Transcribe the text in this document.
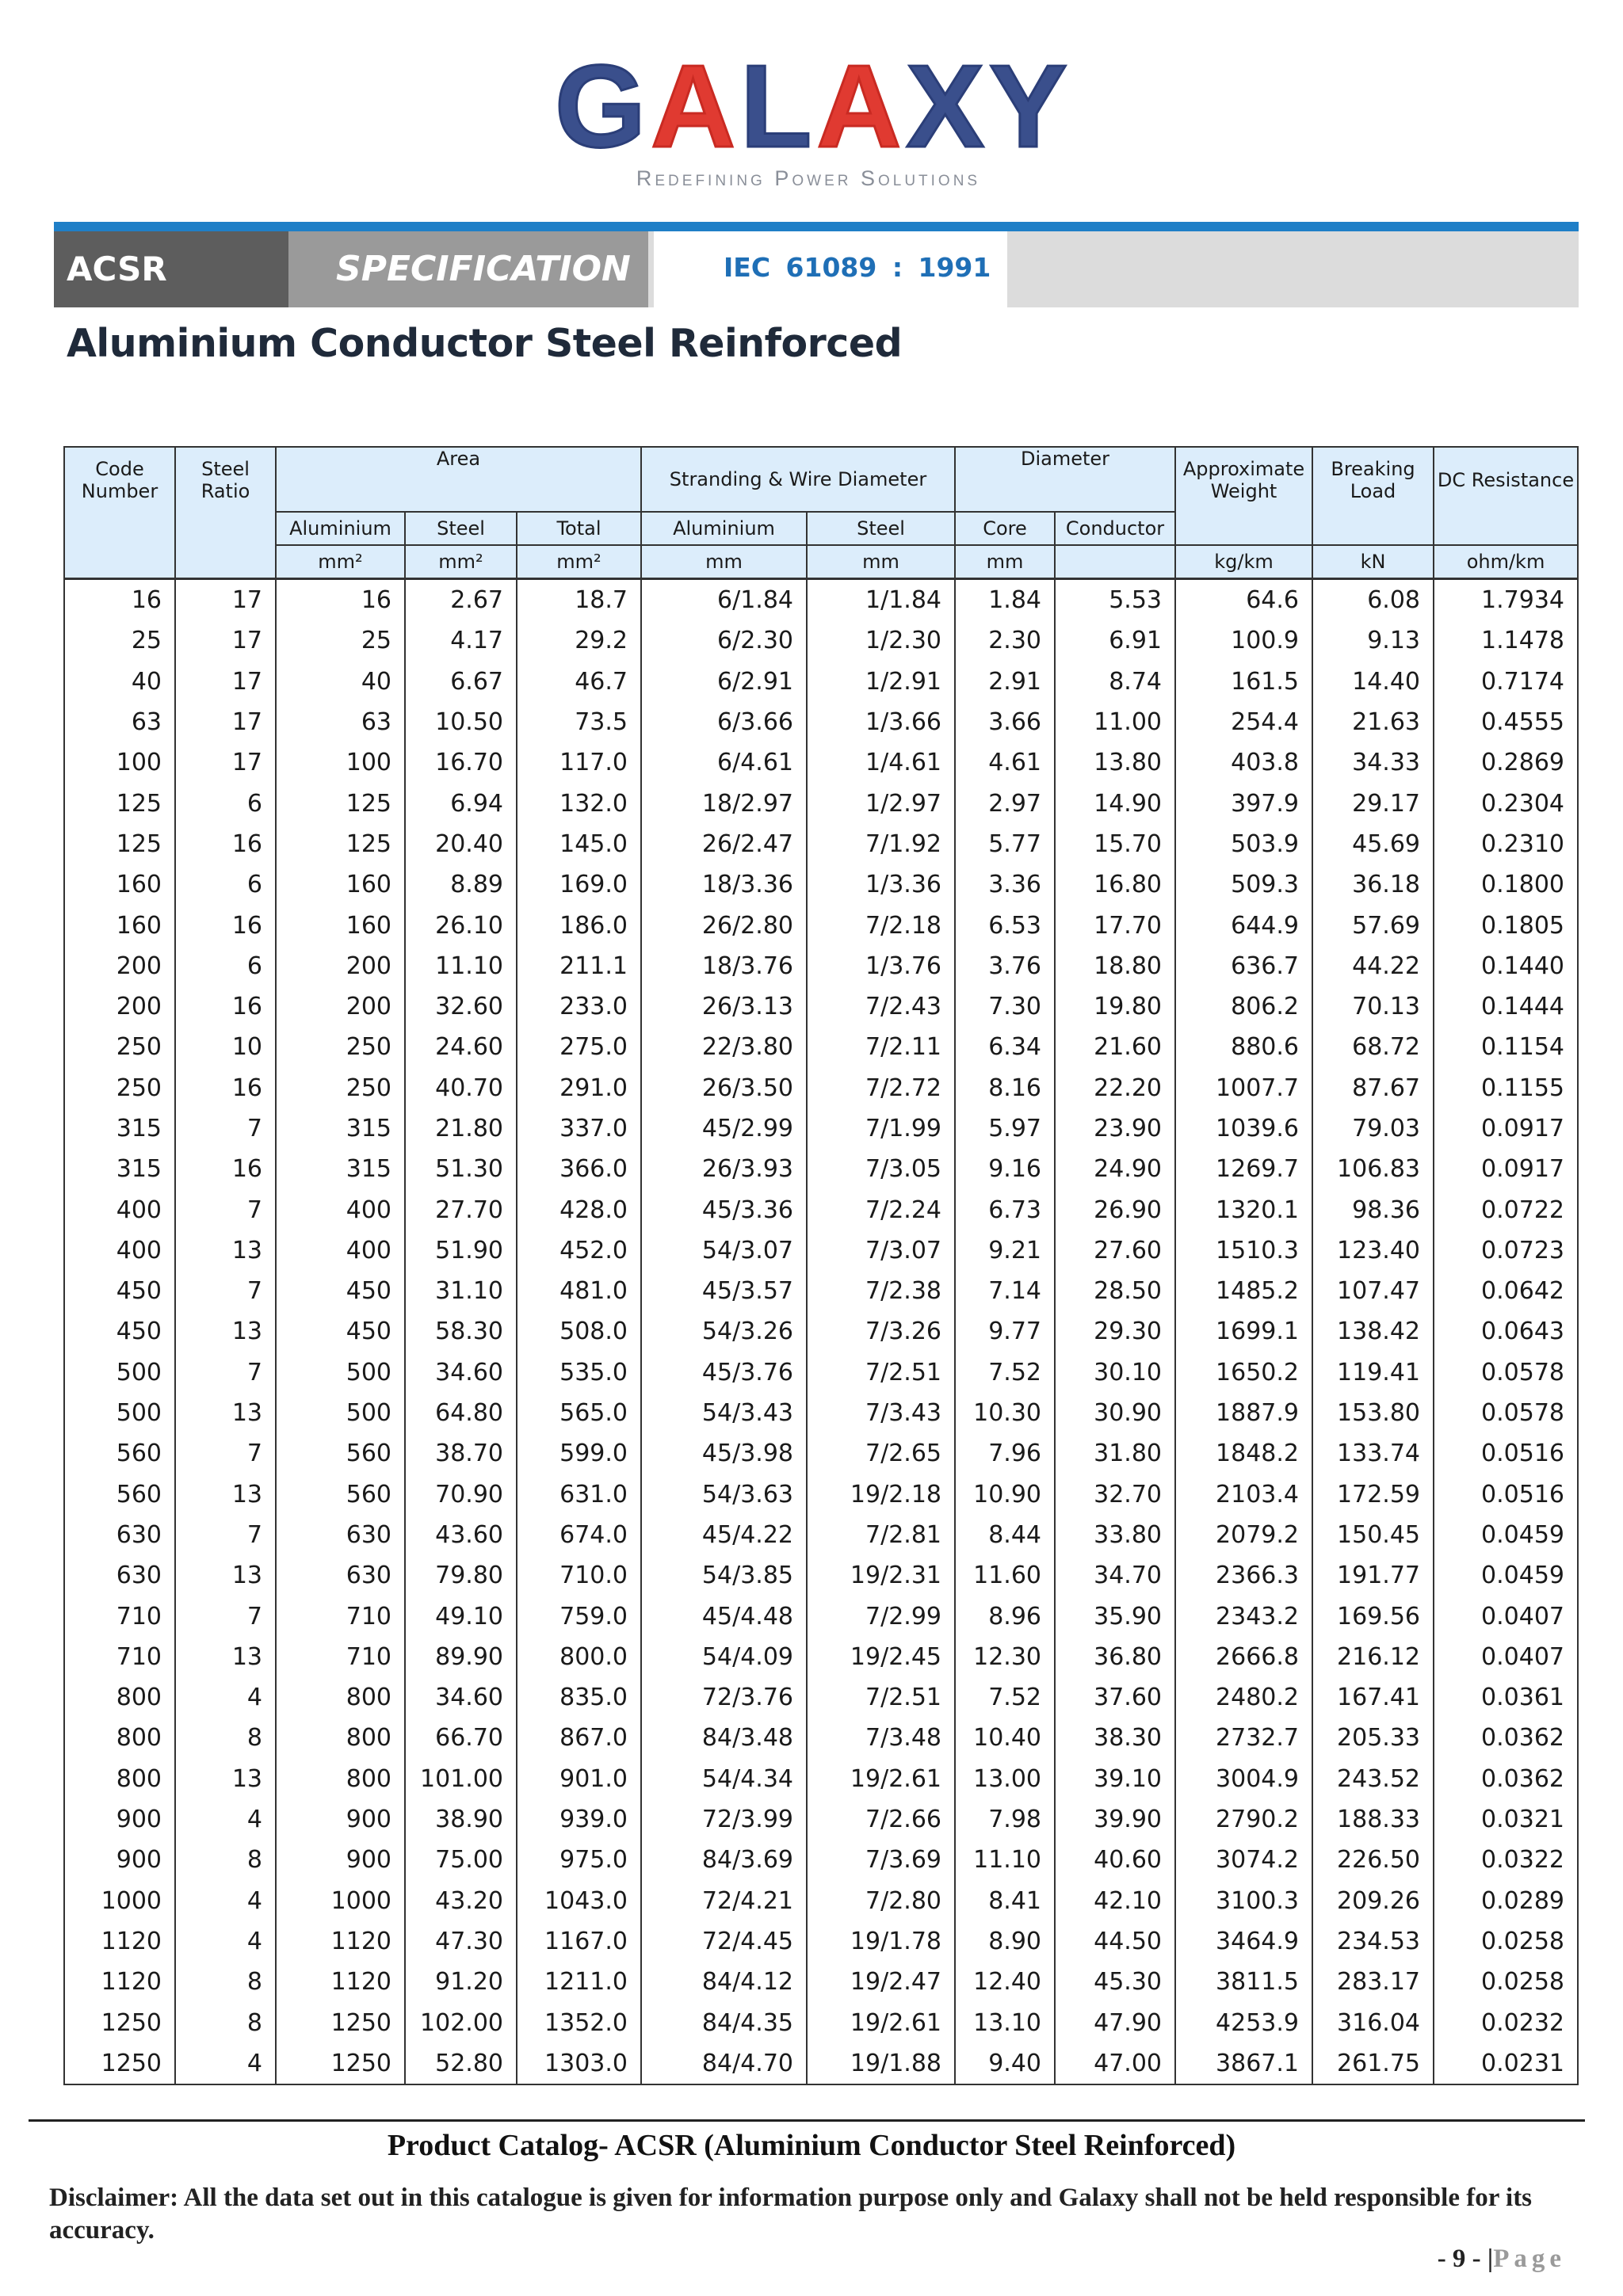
GALAXY
Redefining Power Solutions
ACSR	SPECIFICATION	IEC 61089 : 1991
Aluminium Conductor Steel Reinforced
Code Number	Steel Ratio	Area			Stranding & Wire Diameter		Diameter		Approximate Weight	Breaking Load	DC Resistance

		Aluminium	Steel	Total	Aluminium	Steel	Core	Conductor			
		mm²	mm²	mm²	mm	mm	mm		kg/km	kN	ohm/km
16	17	16	2.67	18.7	6/1.84	1/1.84	1.84	5.53	64.6	6.08	1.7934
25	17	25	4.17	29.2	6/2.30	1/2.30	2.30	6.91	100.9	9.13	1.1478
40	17	40	6.67	46.7	6/2.91	1/2.91	2.91	8.74	161.5	14.40	0.7174
63	17	63	10.50	73.5	6/3.66	1/3.66	3.66	11.00	254.4	21.63	0.4555
100	17	100	16.70	117.0	6/4.61	1/4.61	4.61	13.80	403.8	34.33	0.2869
125	6	125	6.94	132.0	18/2.97	1/2.97	2.97	14.90	397.9	29.17	0.2304
125	16	125	20.40	145.0	26/2.47	7/1.92	5.77	15.70	503.9	45.69	0.2310
160	6	160	8.89	169.0	18/3.36	1/3.36	3.36	16.80	509.3	36.18	0.1800
160	16	160	26.10	186.0	26/2.80	7/2.18	6.53	17.70	644.9	57.69	0.1805
200	6	200	11.10	211.1	18/3.76	1/3.76	3.76	18.80	636.7	44.22	0.1440
200	16	200	32.60	233.0	26/3.13	7/2.43	7.30	19.80	806.2	70.13	0.1444
250	10	250	24.60	275.0	22/3.80	7/2.11	6.34	21.60	880.6	68.72	0.1154
250	16	250	40.70	291.0	26/3.50	7/2.72	8.16	22.20	1007.7	87.67	0.1155
315	7	315	21.80	337.0	45/2.99	7/1.99	5.97	23.90	1039.6	79.03	0.0917
315	16	315	51.30	366.0	26/3.93	7/3.05	9.16	24.90	1269.7	106.83	0.0917
400	7	400	27.70	428.0	45/3.36	7/2.24	6.73	26.90	1320.1	98.36	0.0722
400	13	400	51.90	452.0	54/3.07	7/3.07	9.21	27.60	1510.3	123.40	0.0723
450	7	450	31.10	481.0	45/3.57	7/2.38	7.14	28.50	1485.2	107.47	0.0642
450	13	450	58.30	508.0	54/3.26	7/3.26	9.77	29.30	1699.1	138.42	0.0643
500	7	500	34.60	535.0	45/3.76	7/2.51	7.52	30.10	1650.2	119.41	0.0578
500	13	500	64.80	565.0	54/3.43	7/3.43	10.30	30.90	1887.9	153.80	0.0578
560	7	560	38.70	599.0	45/3.98	7/2.65	7.96	31.80	1848.2	133.74	0.0516
560	13	560	70.90	631.0	54/3.63	19/2.18	10.90	32.70	2103.4	172.59	0.0516
630	7	630	43.60	674.0	45/4.22	7/2.81	8.44	33.80	2079.2	150.45	0.0459
630	13	630	79.80	710.0	54/3.85	19/2.31	11.60	34.70	2366.3	191.77	0.0459
710	7	710	49.10	759.0	45/4.48	7/2.99	8.96	35.90	2343.2	169.56	0.0407
710	13	710	89.90	800.0	54/4.09	19/2.45	12.30	36.80	2666.8	216.12	0.0407
800	4	800	34.60	835.0	72/3.76	7/2.51	7.52	37.60	2480.2	167.41	0.0361
800	8	800	66.70	867.0	84/3.48	7/3.48	10.40	38.30	2732.7	205.33	0.0362
800	13	800	101.00	901.0	54/4.34	19/2.61	13.00	39.10	3004.9	243.52	0.0362
900	4	900	38.90	939.0	72/3.99	7/2.66	7.98	39.90	2790.2	188.33	0.0321
900	8	900	75.00	975.0	84/3.69	7/3.69	11.10	40.60	3074.2	226.50	0.0322
1000	4	1000	43.20	1043.0	72/4.21	7/2.80	8.41	42.10	3100.3	209.26	0.0289
1120	4	1120	47.30	1167.0	72/4.45	19/1.78	8.90	44.50	3464.9	234.53	0.0258
1120	8	1120	91.20	1211.0	84/4.12	19/2.47	12.40	45.30	3811.5	283.17	0.0258
1250	8	1250	102.00	1352.0	84/4.35	19/2.61	13.10	47.90	4253.9	316.04	0.0232
1250	4	1250	52.80	1303.0	84/4.70	19/1.88	9.40	47.00	3867.1	261.75	0.0231
Product Catalog- ACSR (Aluminium Conductor Steel Reinforced)
Disclaimer: All the data set out in this catalogue is given for information purpose only and Galaxy shall not be held responsible for its accuracy.
- 9 - |Page
